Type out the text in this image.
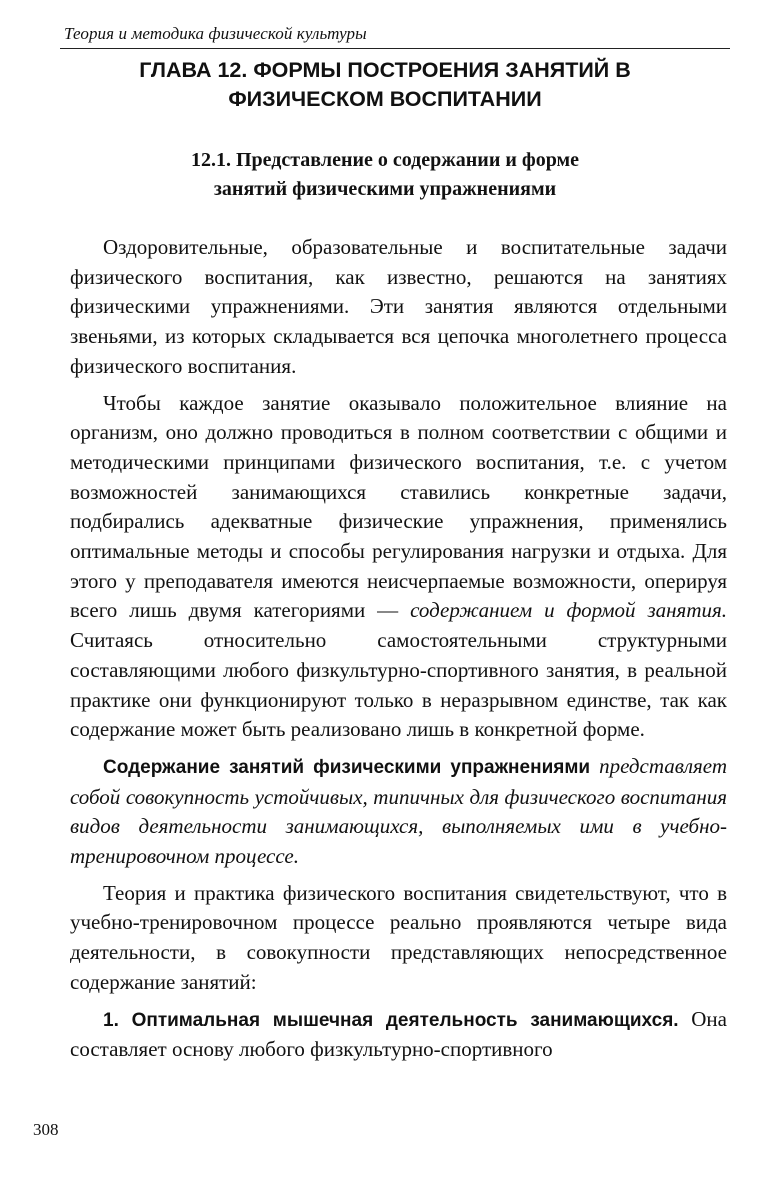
Теория и методика физической культуры
ГЛАВА 12. ФОРМЫ ПОСТРОЕНИЯ ЗАНЯТИЙ В
ФИЗИЧЕСКОМ ВОСПИТАНИИ
12.1. Представление о содержании и форме
занятий физическими упражнениями

Оздоровительные, образовательные и воспитательные задачи физического воспитания, как известно, решаются на занятиях физическими упражнениями. Эти занятия являются отдельными звеньями, из которых складывается вся цепочка многолетнего процесса физического воспитания.

Чтобы каждое занятие оказывало положительное влияние на организм, оно должно проводиться в полном соответствии с общими и методическими принципами физического воспитания, т.е. с учетом возможностей занимающихся ставились конкретные задачи, подбирались адекватные физические упражнения, применялись оптимальные методы и способы регулирования нагрузки и отдыха. Для этого у преподавателя имеются неисчерпаемые возможности, оперируя всего лишь двумя категориями — содержанием и формой занятия. Считаясь относительно самостоятельными структурными составляющими любого физкультурно-спортивного занятия, в реальной практике они функционируют только в неразрывном единстве, так как содержание может быть реализовано лишь в конкретной форме.

Содержание занятий физическими упражнениями представляет собой совокупность устойчивых, типичных для физического воспитания видов деятельности занимающихся, выполняемых ими в учебно-тренировочном процессе.

Теория и практика физического воспитания свидетельствуют, что в учебно-тренировочном процессе реально проявляются четыре вида деятельности, в совокупности представляющих непосредственное содержание занятий:

1. Оптимальная мышечная деятельность занимающихся. Она составляет основу любого физкультурно-спортивного

308
